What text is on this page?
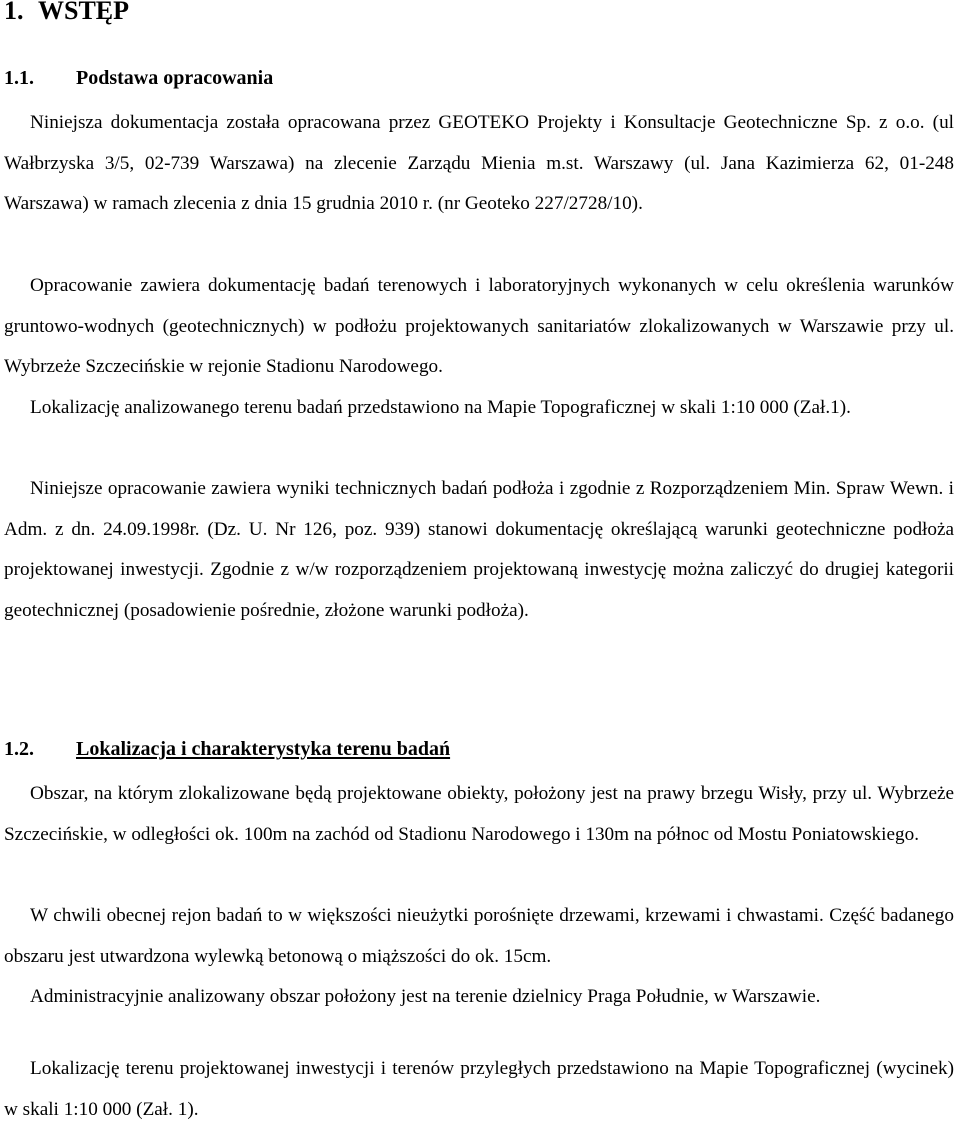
1. WSTĘP
1.1. Podstawa opracowania

Niniejsza dokumentacja została opracowana przez GEOTEKO Projekty i Konsultacje Geotechniczne Sp. z o.o. (ul Wałbrzyska 3/5, 02-739 Warszawa) na zlecenie Zarządu Mienia m.st. Warszawy (ul. Jana Kazimierza 62, 01-248 Warszawa) w ramach zlecenia z dnia 15 grudnia 2010 r. (nr Geoteko 227/2728/10).

Opracowanie zawiera dokumentację badań terenowych i laboratoryjnych wykonanych w celu określenia warunków gruntowo-wodnych (geotechnicznych) w podłożu projektowanych sanitariatów zlokalizowanych w Warszawie przy ul. Wybrzeże Szczecińskie w rejonie Stadionu Narodowego.

Lokalizację analizowanego terenu badań przedstawiono na Mapie Topograficznej w skali 1:10 000 (Zał.1).

Niniejsze opracowanie zawiera wyniki technicznych badań podłoża i zgodnie z Rozporządzeniem Min. Spraw Wewn. i Adm. z dn. 24.09.1998r. (Dz. U. Nr 126, poz. 939) stanowi dokumentację określającą warunki geotechniczne podłoża projektowanej inwestycji. Zgodnie z w/w rozporządzeniem projektowaną inwestycję można zaliczyć do drugiej kategorii geotechnicznej (posadowienie pośrednie, złożone warunki podłoża).

1.2. Lokalizacja i charakterystyka terenu badań

Obszar, na którym zlokalizowane będą projektowane obiekty, położony jest na prawy brzegu Wisły, przy ul. Wybrzeże Szczecińskie, w odległości ok. 100m na zachód od Stadionu Narodowego i 130m na północ od Mostu Poniatowskiego.

W chwili obecnej rejon badań to w większości nieużytki porośnięte drzewami, krzewami i chwastami. Część badanego obszaru jest utwardzona wylewką betonową o miąższości do ok. 15cm.

Administracyjnie analizowany obszar położony jest na terenie dzielnicy Praga Południe, w Warszawie.

Lokalizację terenu projektowanej inwestycji i terenów przyległych przedstawiono na Mapie Topograficznej (wycinek) w skali 1:10 000 (Zał. 1).
